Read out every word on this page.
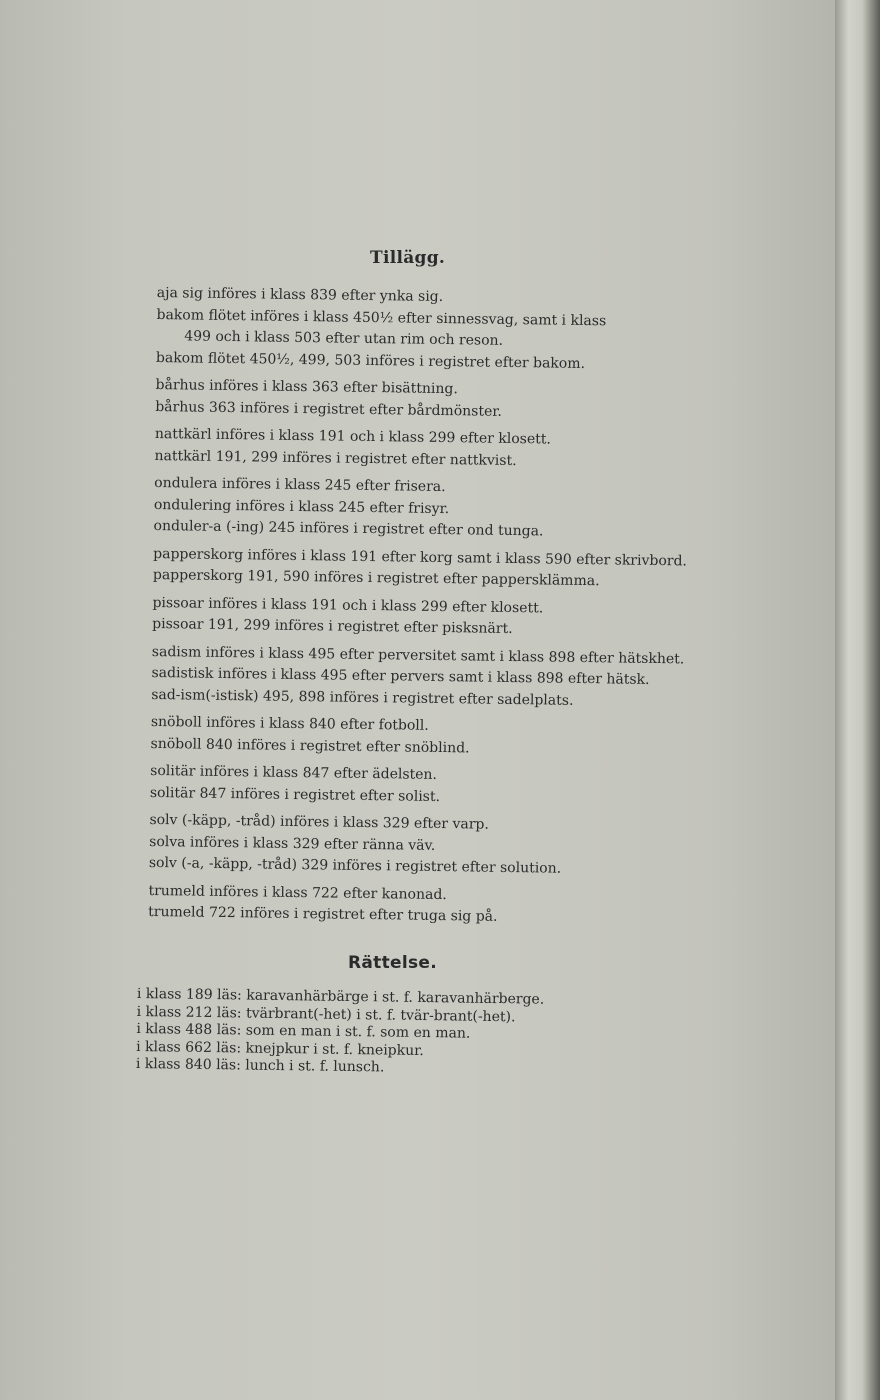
Tillägg.
aja sig införes i klass 839 efter ynka sig.
bakom flötet införes i klass 450½ efter sinnessvag, samt i klass
499 och i klass 503 efter utan rim och reson.
bakom flötet 450½, 499, 503 införes i registret efter bakom.
bårhus införes i klass 363 efter bisättning.
bårhus 363 införes i registret efter bårdmönster.
nattkärl införes i klass 191 och i klass 299 efter klosett.
nattkärl 191, 299 införes i registret efter nattkvist.
ondulera införes i klass 245 efter frisera.
ondulering införes i klass 245 efter frisyr.
onduler-a (-ing) 245 införes i registret efter ond tunga.
papperskorg införes i klass 191 efter korg samt i klass 590 efter skrivbord.
papperskorg 191, 590 införes i registret efter pappersklämma.
pissoar införes i klass 191 och i klass 299 efter klosett.
pissoar 191, 299 införes i registret efter pisksnärt.
sadism införes i klass 495 efter perversitet samt i klass 898 efter hätskhet.
sadistisk införes i klass 495 efter pervers samt i klass 898 efter hätsk.
sad-ism(-istisk) 495, 898 införes i registret efter sadelplats.
snöboll införes i klass 840 efter fotboll.
snöboll 840 införes i registret efter snöblind.
solitär införes i klass 847 efter ädelsten.
solitär 847 införes i registret efter solist.
solv (-käpp, -tråd) införes i klass 329 efter varp.
solva införes i klass 329 efter ränna väv.
solv (-a, -käpp, -tråd) 329 införes i registret efter solution.
trumeld införes i klass 722 efter kanonad.
trumeld 722 införes i registret efter truga sig på.
Rättelse.
i klass 189 läs: karavanhärbärge i st. f. karavanhärberge.
i klass 212 läs: tvärbrant(-het) i st. f. tvär-brant(-het).
i klass 488 läs: som en man i st. f. som en man.
i klass 662 läs: knejpkur i st. f. kneipkur.
i klass 840 läs: lunch i st. f. lunsch.
